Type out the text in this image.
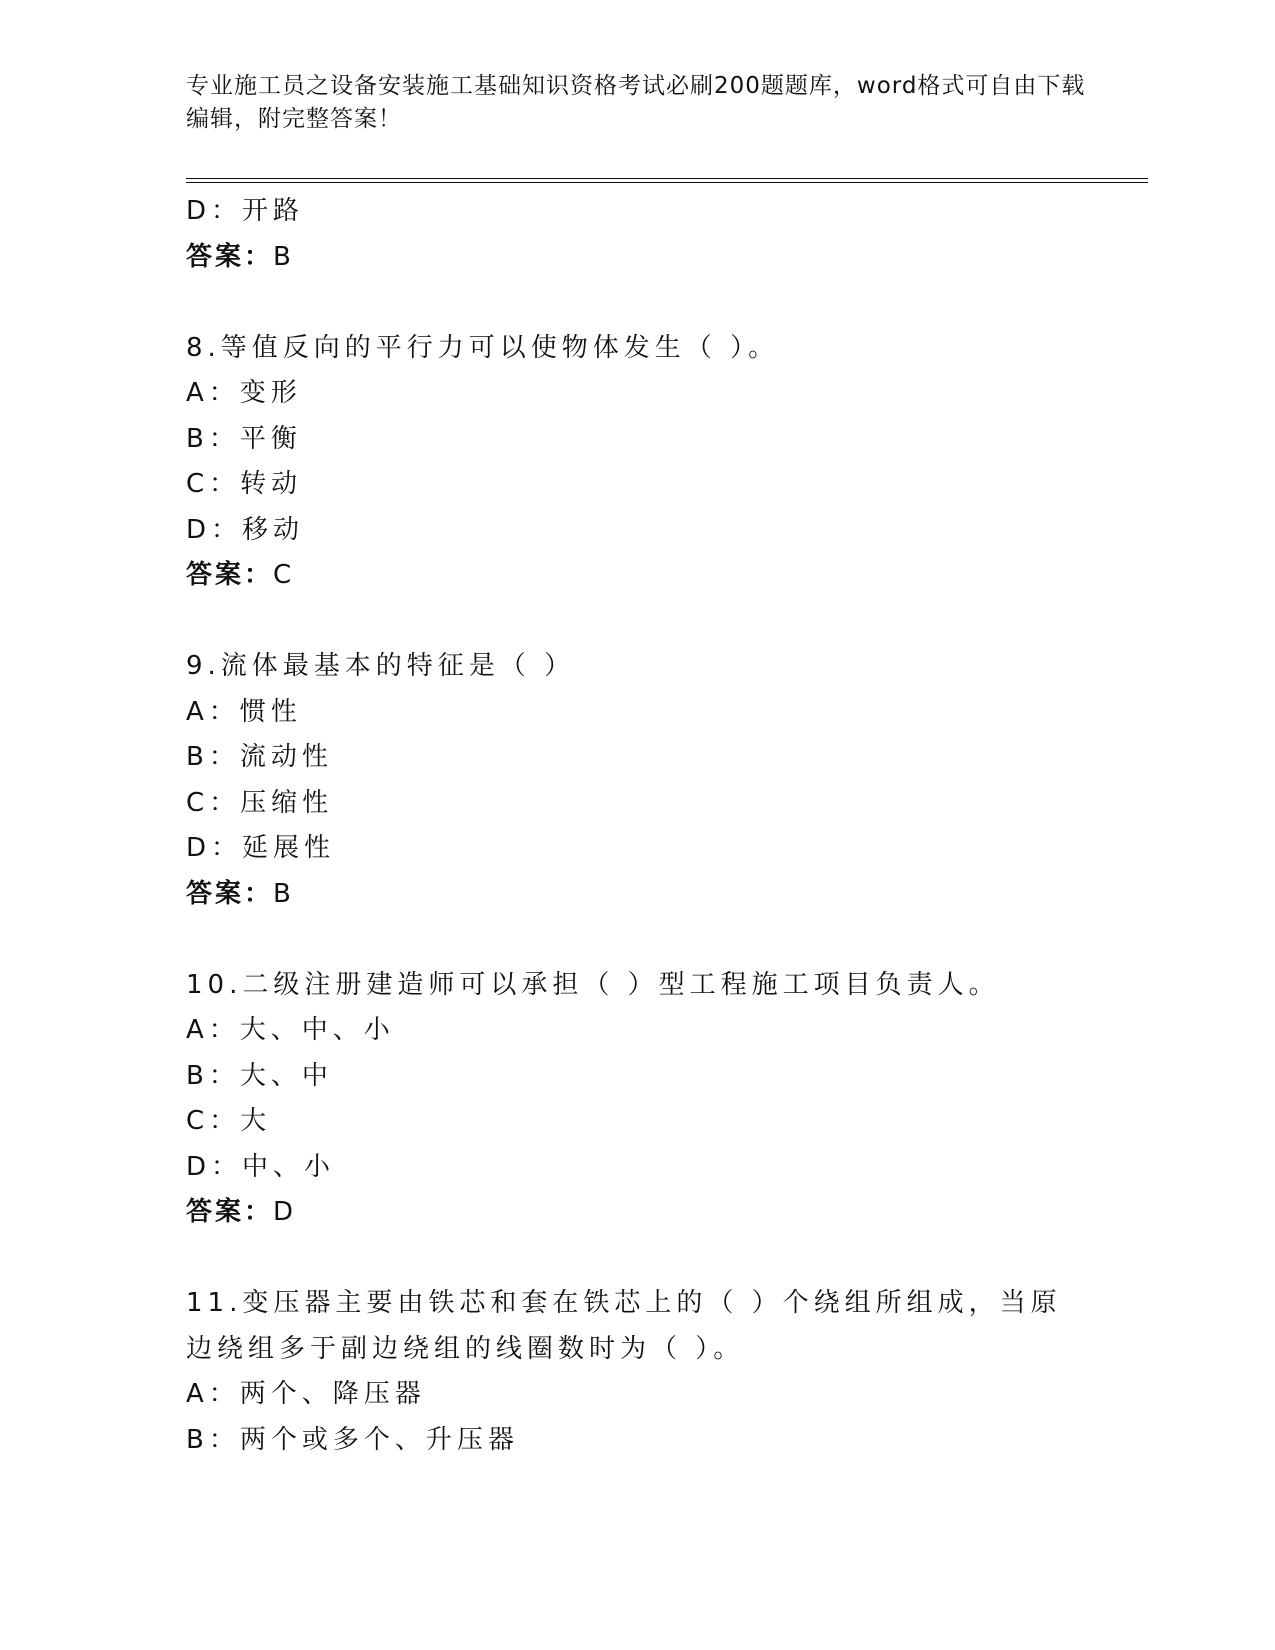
专业施工员之设备安装施工基础知识资格考试必刷200题题库，word格式可自由下载编辑，附完整答案！
D：开路
答案：B
8.等值反向的平行力可以使物体发生（ ）。
A：变形
B：平衡
C：转动
D：移动
答案：C
9.流体最基本的特征是（ ）
A：惯性
B：流动性
C：压缩性
D：延展性
答案：B
10.二级注册建造师可以承担（ ）型工程施工项目负责人。
A：大、中、小
B：大、中
C：大
D：中、小
答案：D
11.变压器主要由铁芯和套在铁芯上的（ ）个绕组所组成，当原边绕组多于副边绕组的线圈数时为（ ）。
A：两个、降压器
B：两个或多个、升压器
